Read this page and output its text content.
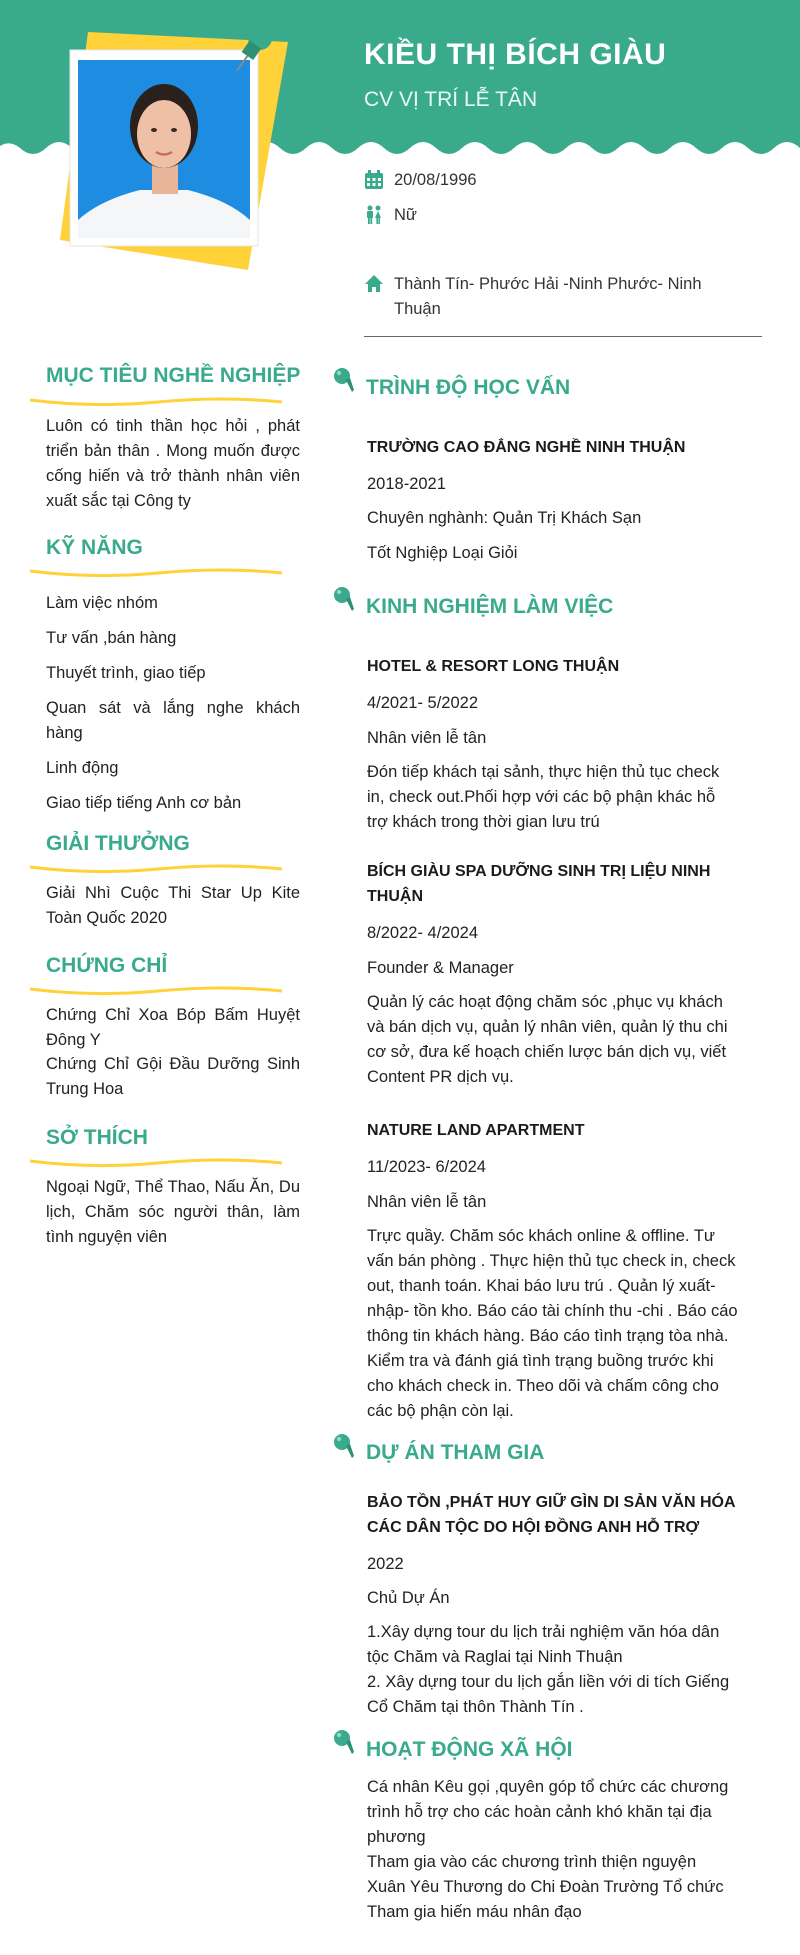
KIỀU THỊ BÍCH GIÀU
CV VỊ TRÍ LỄ TÂN
20/08/1996
Nữ
Thành Tín- Phước Hải -Ninh Phước- Ninh
Thuận
MỤC TIÊU NGHỀ NGHIỆP
Luôn có tinh thần học hỏi , phát triển bản thân . Mong muốn được cống hiến và trở thành nhân viên xuất sắc tại Công ty
KỸ NĂNG
Làm việc nhóm
Tư vấn ,bán hàng
Thuyết trình, giao tiếp
Quan sát và lắng nghe khách hàng
Linh động
Giao tiếp tiếng Anh cơ bản
GIẢI THƯỞNG
Giải Nhì Cuộc Thi Star Up Kite Toàn Quốc 2020
CHỨNG CHỈ
Chứng Chỉ Xoa Bóp Bấm Huyệt Đông Y
Chứng Chỉ Gội Đầu Dưỡng Sinh Trung Hoa
SỞ THÍCH
Ngoại Ngữ, Thể Thao, Nấu Ăn, Du lịch, Chăm sóc người thân, làm tình nguyện viên
TRÌNH ĐỘ HỌC VẤN
TRƯỜNG CAO ĐẲNG NGHỀ NINH THUẬN
2018-2021
Chuyên nghành: Quản Trị Khách Sạn
Tốt Nghiệp Loại Giỏi
KINH NGHIỆM LÀM VIỆC
HOTEL & RESORT LONG THUẬN
4/2021- 5/2022
Nhân viên lễ tân
Đón tiếp khách tại sảnh, thực hiện thủ tục check in, check out.Phối hợp với các bộ phận khác hỗ trợ khách trong thời gian lưu trú
BÍCH GIÀU SPA DƯỠNG SINH TRỊ LIỆU NINH THUẬN
8/2022- 4/2024
Founder & Manager
Quản lý các hoạt động chăm sóc ,phục vụ khách và bán dịch vụ, quản lý nhân viên, quản lý thu chi cơ sở, đưa kế hoạch chiến lược bán dịch vụ, viết Content PR dịch vụ.
NATURE LAND APARTMENT
11/2023- 6/2024
Nhân viên lễ tân
Trực quầy. Chăm sóc khách online & offline. Tư vấn bán phòng . Thực hiện thủ tục check in, check out, thanh toán. Khai báo lưu trú . Quản lý xuất- nhập- tồn kho. Báo cáo tài chính thu -chi . Báo cáo thông tin khách hàng. Báo cáo tình trạng tòa nhà. Kiểm tra và đánh giá tình trạng buồng trước khi cho khách check in. Theo dõi và chấm công cho các bộ phận còn lại.
DỰ ÁN THAM GIA
BẢO TỒN ,PHÁT HUY GIỮ GÌN DI SẢN VĂN HÓA CÁC DÂN TỘC DO HỘI ĐỒNG ANH HỖ TRỢ
2022
Chủ Dự Án
1.Xây dựng tour du lịch trải nghiệm văn hóa dân tộc Chăm và Raglai tại Ninh Thuận
2. Xây dựng tour du lịch gắn liền với di tích Giếng Cổ Chăm tại thôn Thành Tín .
HOẠT ĐỘNG XÃ HỘI
Cá nhân Kêu gọi ,quyên góp tổ chức các chương trình hỗ trợ cho các hoàn cảnh khó khăn tại địa phương
Tham gia vào các chương trình thiện nguyện Xuân Yêu Thương do Chi Đoàn Trường Tổ chức
Tham gia hiến máu nhân đạo
